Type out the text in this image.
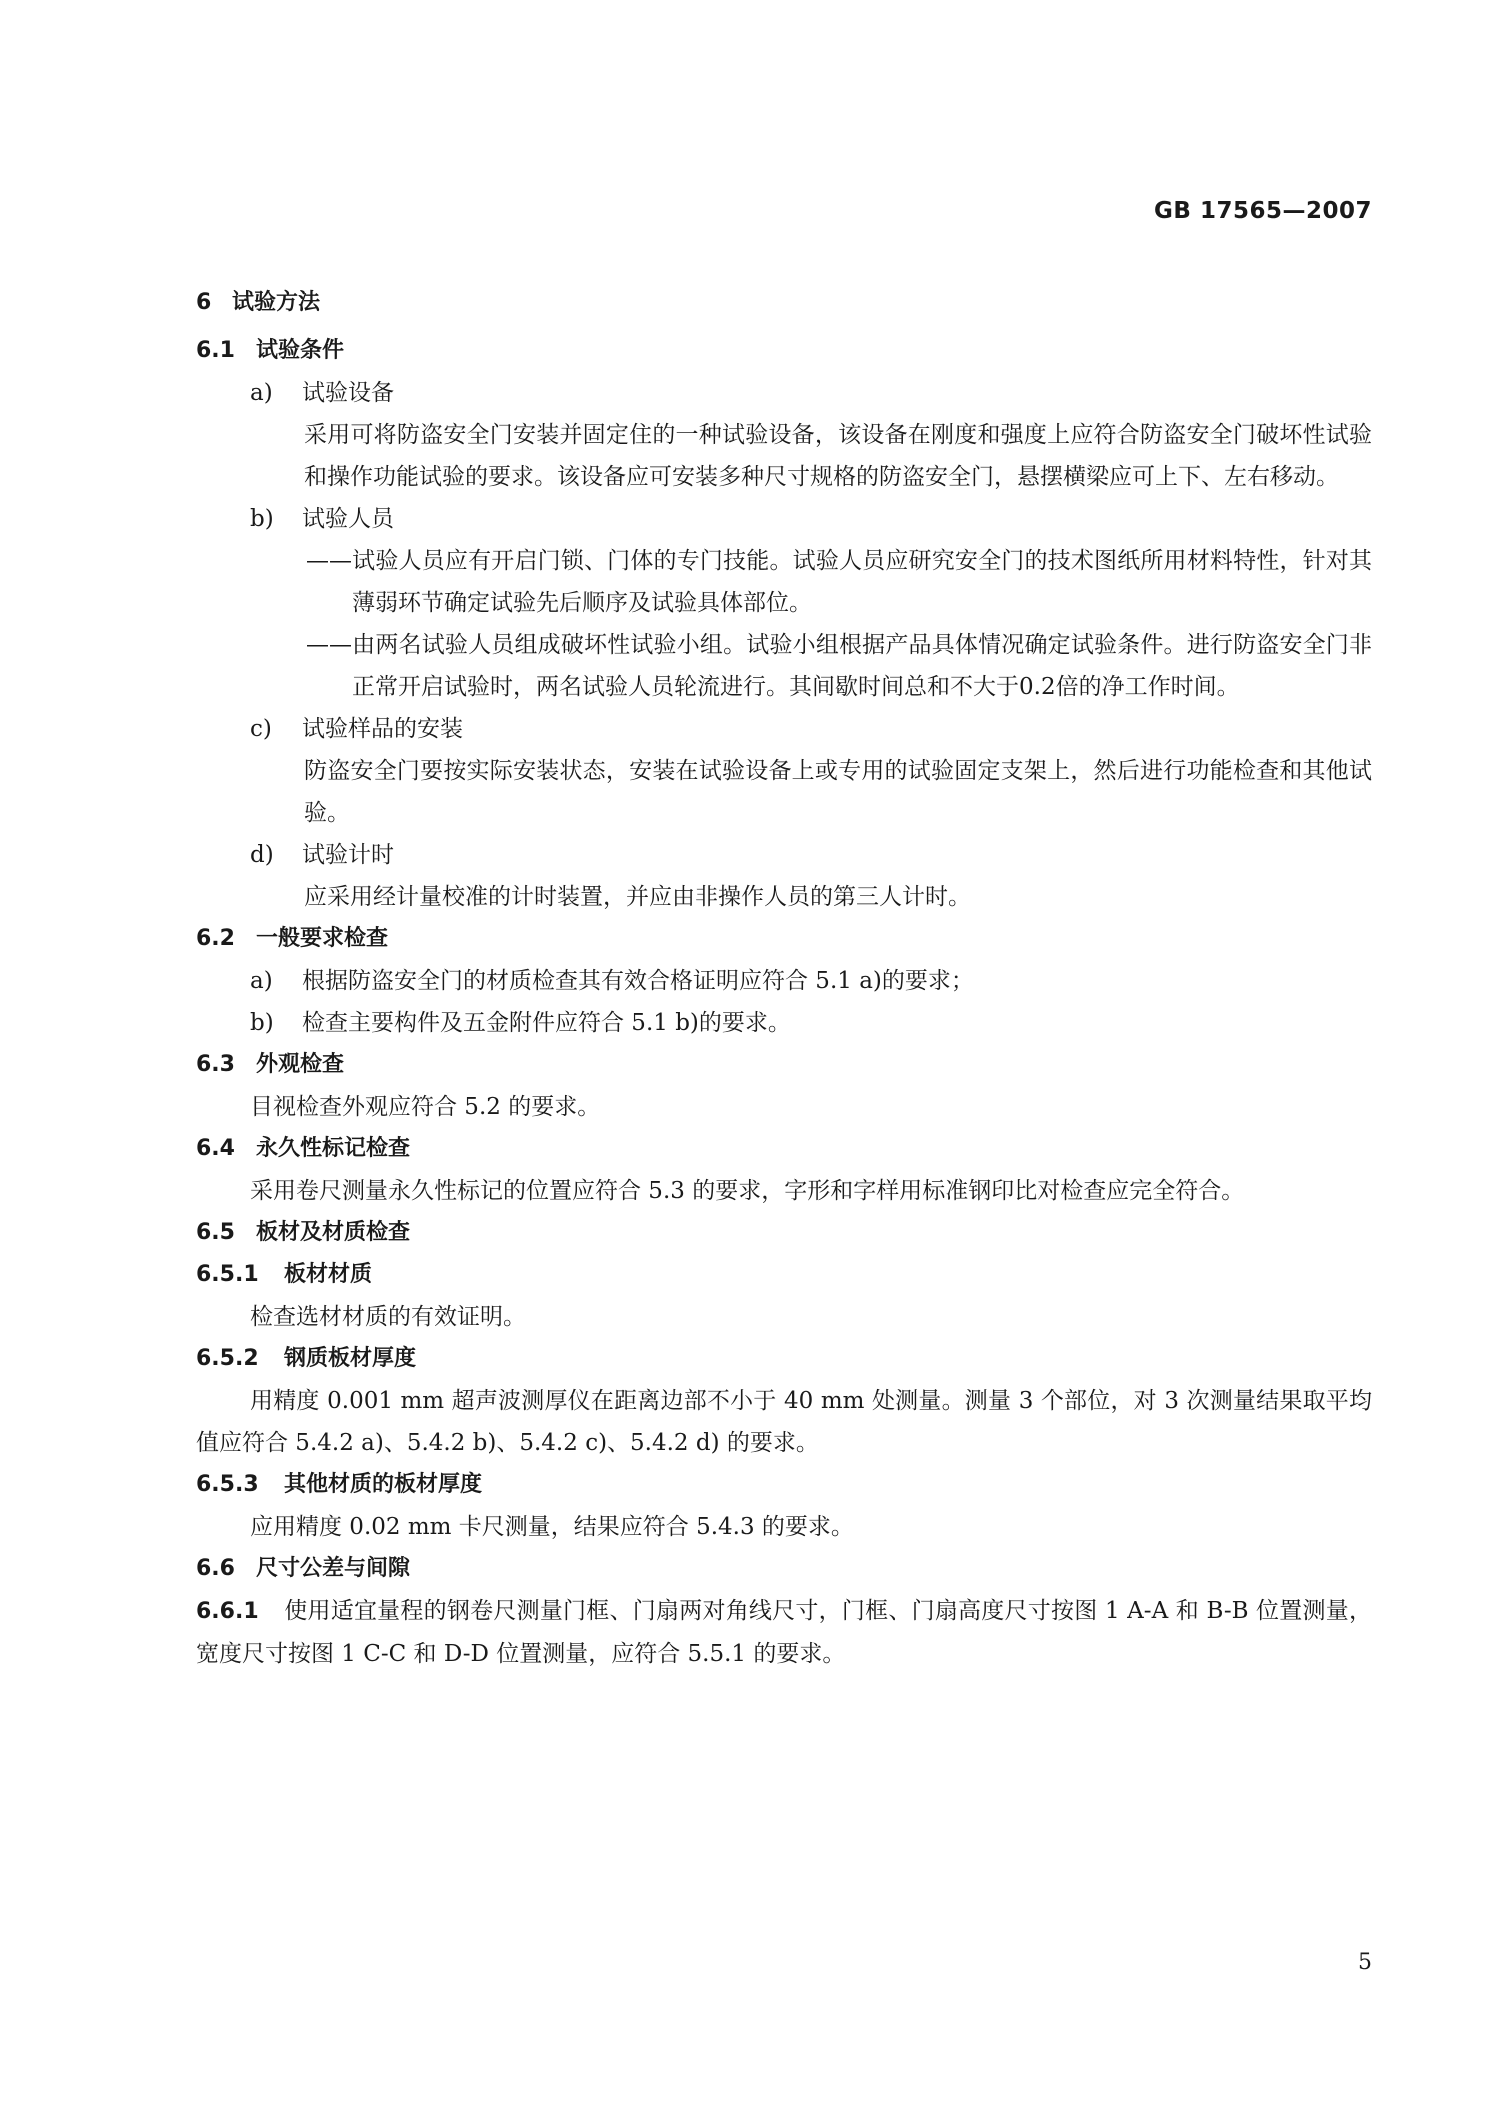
GB 17565—2007
6 试验方法
6.1 试验条件
a) 试验设备
采用可将防盗安全门安装并固定住的一种试验设备，该设备在刚度和强度上应符合防盗安全门破坏性试验和操作功能试验的要求。该设备应可安装多种尺寸规格的防盗安全门，悬摆横梁应可上下、左右移动。
b) 试验人员
——试验人员应有开启门锁、门体的专门技能。试验人员应研究安全门的技术图纸所用材料特性，针对其薄弱环节确定试验先后顺序及试验具体部位。
——由两名试验人员组成破坏性试验小组。试验小组根据产品具体情况确定试验条件。进行防盗安全门非正常开启试验时，两名试验人员轮流进行。其间歇时间总和不大于0.2倍的净工作时间。
c) 试验样品的安装
防盗安全门要按实际安装状态，安装在试验设备上或专用的试验固定支架上，然后进行功能检查和其他试验。
d) 试验计时
应采用经计量校准的计时装置，并应由非操作人员的第三人计时。
6.2 一般要求检查
a) 根据防盗安全门的材质检查其有效合格证明应符合 5.1 a)的要求；
b) 检查主要构件及五金附件应符合 5.1 b)的要求。
6.3 外观检查
目视检查外观应符合 5.2 的要求。
6.4 永久性标记检查
采用卷尺测量永久性标记的位置应符合 5.3 的要求，字形和字样用标准钢印比对检查应完全符合。
6.5 板材及材质检查
6.5.1 板材材质
检查选材材质的有效证明。
6.5.2 钢质板材厚度
用精度 0.001 mm 超声波测厚仪在距离边部不小于 40 mm 处测量。测量 3 个部位，对 3 次测量结果取平均值应符合 5.4.2 a)、5.4.2 b)、5.4.2 c)、5.4.2 d) 的要求。
6.5.3 其他材质的板材厚度
应用精度 0.02 mm 卡尺测量，结果应符合 5.4.3 的要求。
6.6 尺寸公差与间隙
6.6.1 使用适宜量程的钢卷尺测量门框、门扇两对角线尺寸，门框、门扇高度尺寸按图 1 A-A 和 B-B 位置测量，宽度尺寸按图 1 C-C 和 D-D 位置测量，应符合 5.5.1 的要求。
5
